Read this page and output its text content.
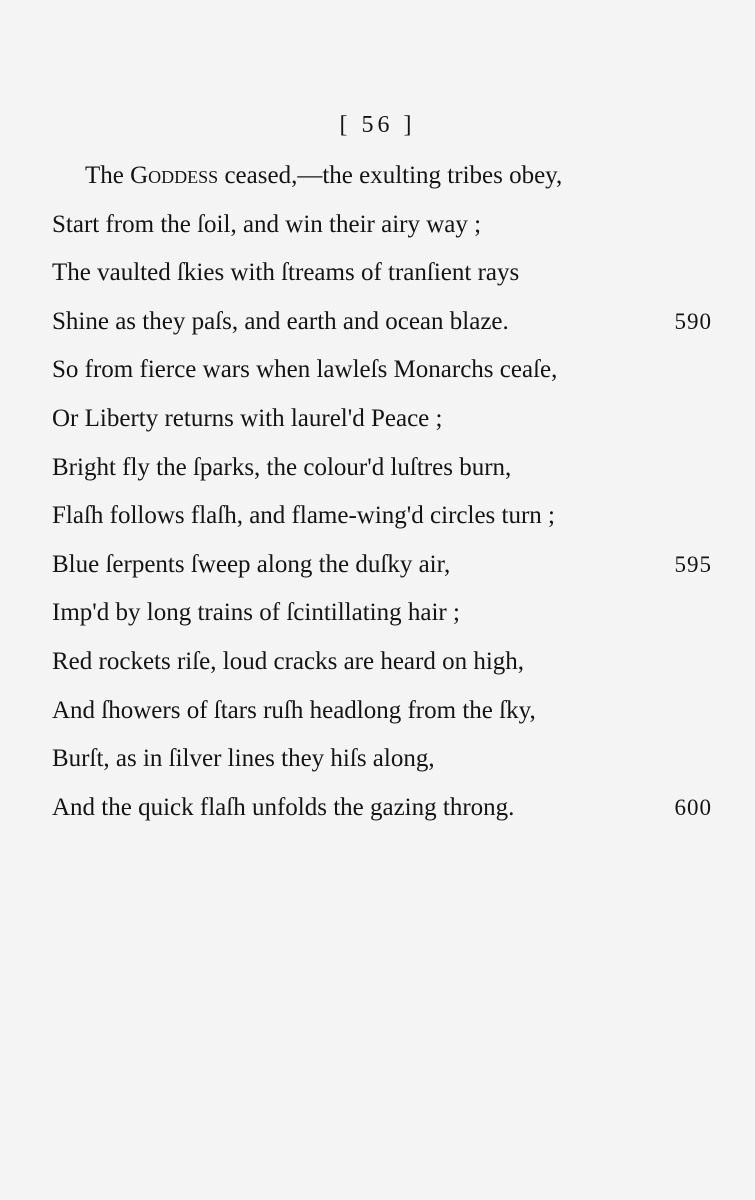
[ 56 ]
The Goddess ceased,—the exulting tribes obey,
Start from the ſoil, and win their airy way ;
The vaulted ſkies with ſtreams of tranſient rays
Shine as they paſs, and earth and ocean blaze.	590
So from fierce wars when lawleſs Monarchs ceaſe,
Or Liberty returns with laurel'd Peace ;
Bright fly the ſparks, the colour'd luſtres burn,
Flaſh follows flaſh, and flame-wing'd circles turn ;
Blue ſerpents ſweep along the duſky air,	595
Imp'd by long trains of ſcintillating hair ;
Red rockets riſe, loud cracks are heard on high,
And ſhowers of ſtars ruſh headlong from the ſky,
Burſt, as in ſilver lines they hiſs along,
And the quick flaſh unfolds the gazing throng.	600
